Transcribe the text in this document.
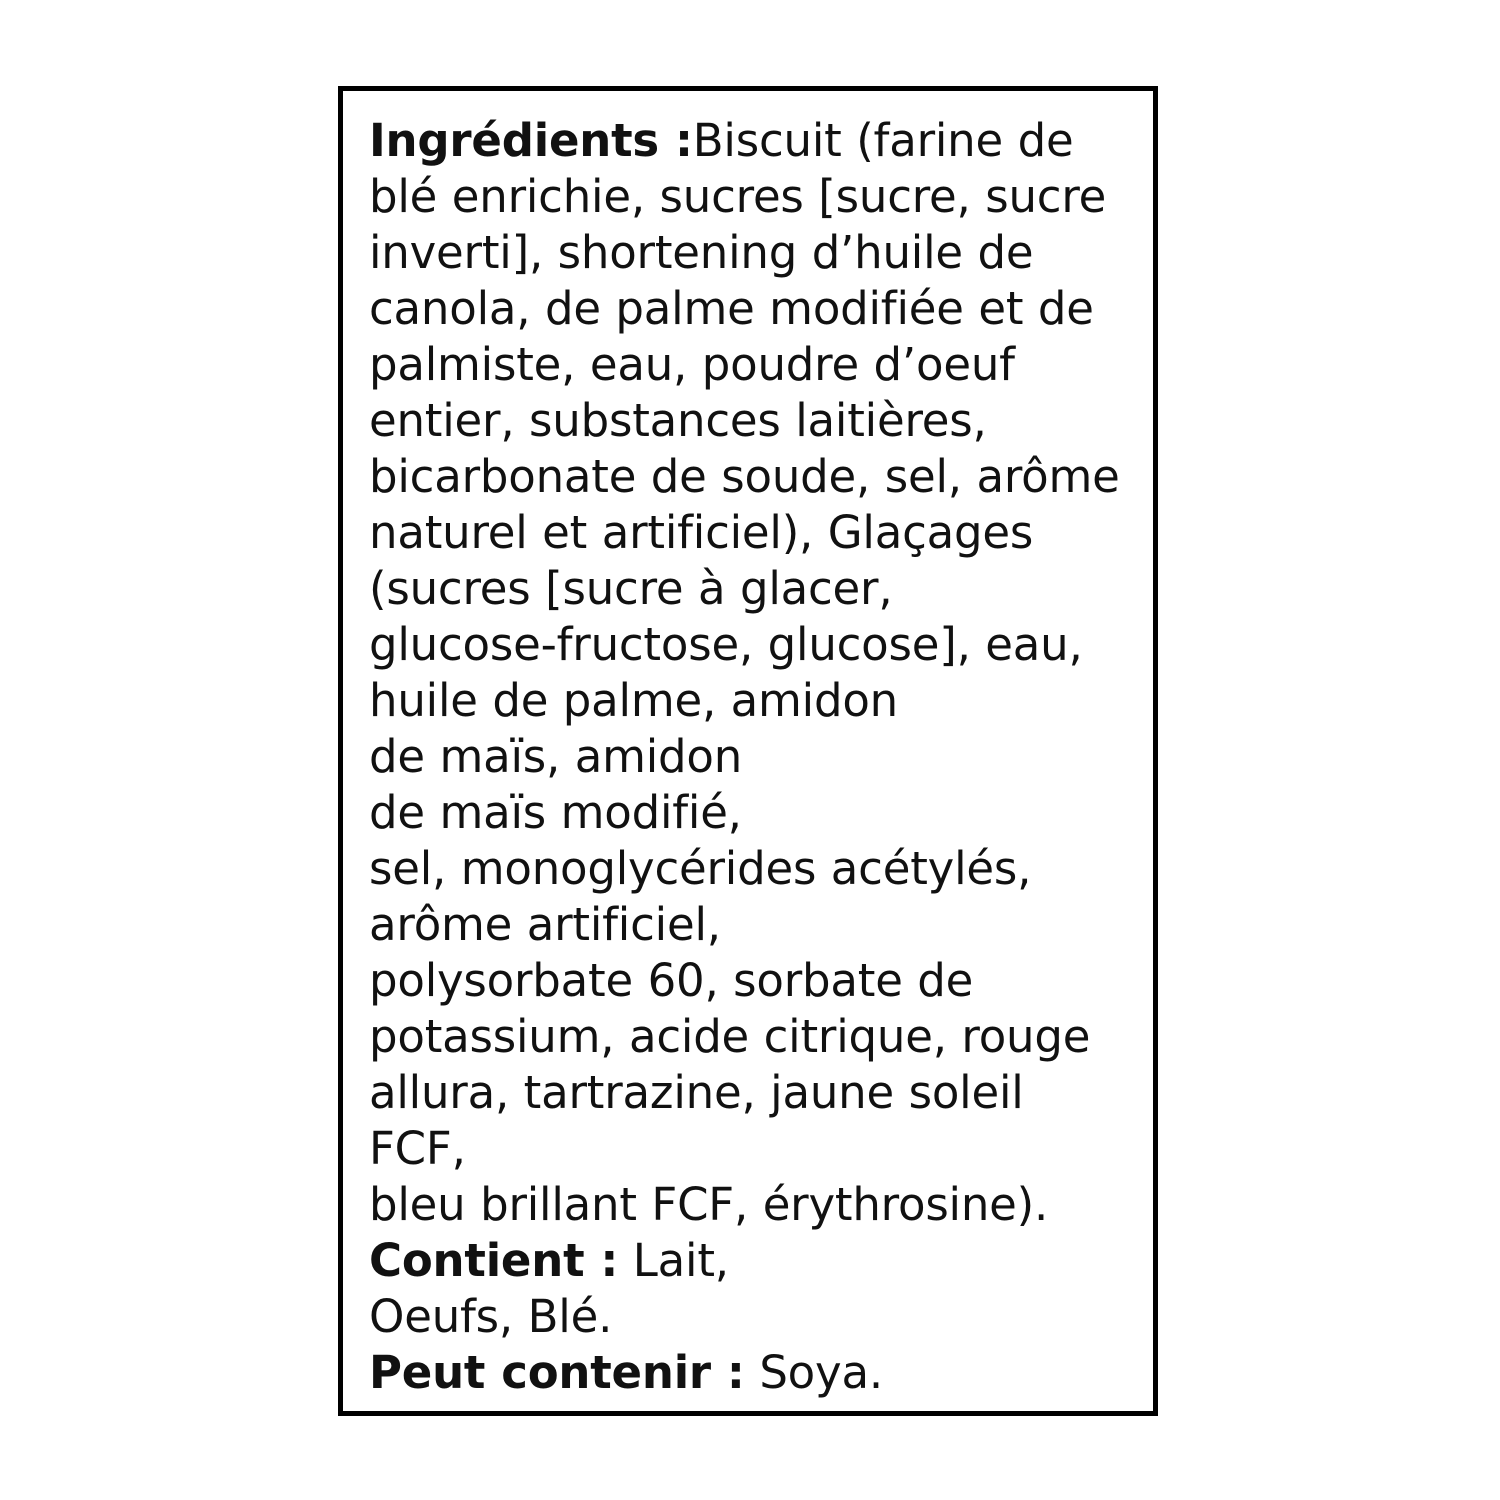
Ingrédients :Biscuit (farine de

blé enrichie, sucres [sucre, sucre
inverti], shortening d’huile de
canola, de palme modifiée et de
palmiste, eau, poudre d’oeuf
entier, substances laitières,
bicarbonate de soude, sel, arôme
naturel et artificiel), Glaçages
(sucres [sucre à glacer,
glucose-fructose, glucose], eau,
huile de palme, amidon
de maïs, amidon
de maïs modifié,
sel, monoglycérides acétylés,
arôme artificiel,
polysorbate 60, sorbate de
potassium, acide citrique, rouge
allura, tartrazine, jaune soleil FCF,
bleu brillant FCF, érythrosine).
Contient : Lait,

Oeufs, Blé.
Peut contenir : Soya.
